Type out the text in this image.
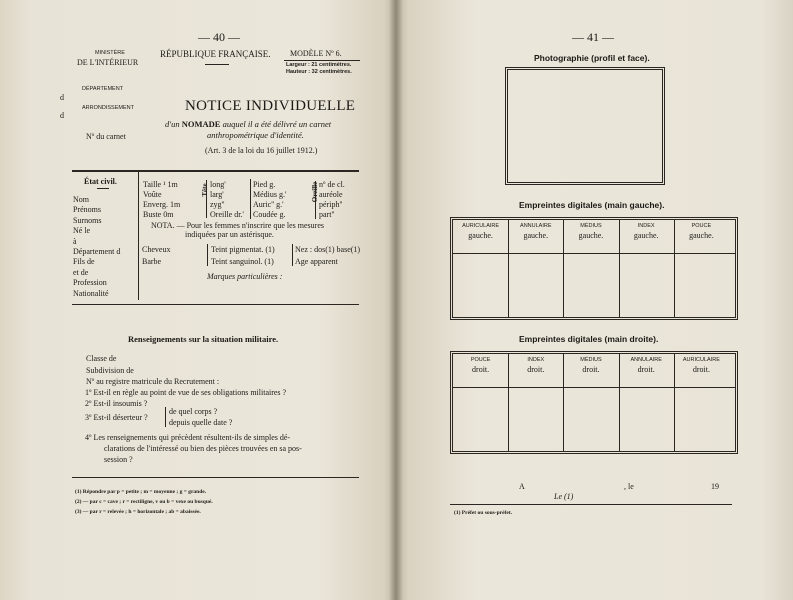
— 40 —
MINISTÈRE
DE L'INTÉRIEUR
RÉPUBLIQUE FRANÇAISE. MODÈLE Nº 6.
Largeur : 21 centimètres.
Hauteur : 32 centimètres.
DÉPARTEMENT
d
ARRONDISSEMENT
d
Nº du carnet
NOTICE INDIVIDUELLE
d'un NOMADE auquel il a été délivré un carnet
anthropométrique d'identité.
(Art. 3 de la loi du 16 juillet 1912.)
État civil.
Nom
Prénoms
Surnoms
Né le
à
Département d
Fils de
et de
Profession
Nationalité
Taille ¹ 1m
Voûte
Enverg. 1m
Buste 0m
Tête long'
larg'
zyg''
Oreille dr.'
Pied g.
Médius g.'
Auric'' g.'
Coudée g.
Oreille nº de cl.
auréole
périph''
part''
NOTA. — Pour les femmes n'inscrire que les mesures
indiquées par un astérisque.
Cheveux
Barbe
Teint pigmentat. (1)
Teint sanguinol. (1)
Nez : dos(1) base(1)
Age apparent
Marques particulières :
Renseignements sur la situation militaire.
Classe de
Subdivision de
Nº au registre matricule du Recrutement :
1º Est-il en règle au point de vue de ses obligations militaires ?
2º Est-il insoumis ?
3º Est-il déserteur ?
de quel corps ?
depuis quelle date ?
4º Les renseignements qui précèdent résultent-ils de simples dé-
clarations de l'intéressé ou bien des pièces trouvées en sa pos-
session ?
(1) Répondre par p = petite ; m = moyenne ; g = grande.
(2) — par c = cave ; r = rectiligne, v ou b = vexe ou busqué.
(3) — par r = relevée ; h = horizontale ; ab = abaissée.
— 41 —
Photographie (profil et face).
Empreintes digitales (main gauche).
AURICULAIRE
gauche.
ANNULAIRE
gauche.
MÉDIUS
gauche.
INDEX
gauche.
POUCE
gauche.
Empreintes digitales (main droite).
POUCE
droit.
INDEX
droit.
MÉDIUS
droit.
ANNULAIRE
droit.
AURICULAIRE
droit.
A	, le	19
Le (1)
(1) Préfet ou sous-préfet.
